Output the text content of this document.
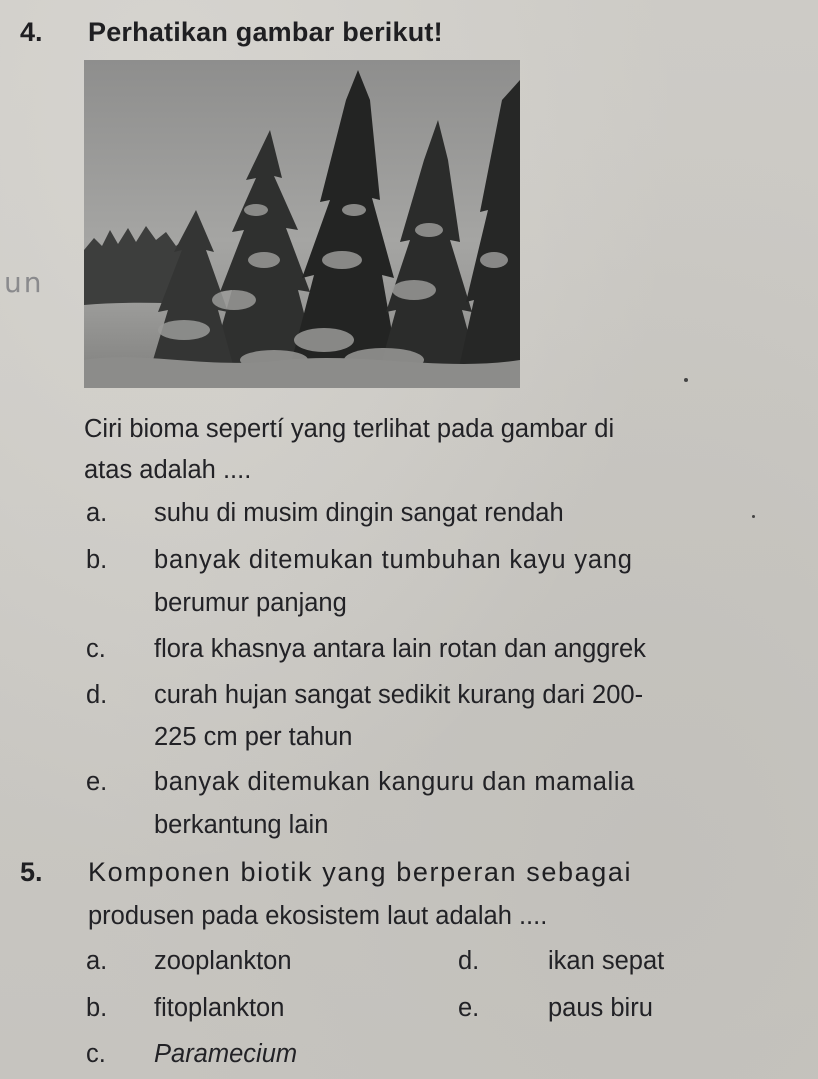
un
4. Perhatikan gambar berikut!
Ciri bioma sepertí yang terlihat pada gambar di
atas adalah ....
a. suhu di musim dingin sangat rendah
b. banyak ditemukan tumbuhan kayu yang
berumur panjang
c. flora khasnya antara lain rotan dan anggrek
d. curah hujan sangat sedikit kurang dari 200-
225 cm per tahun
e. banyak ditemukan kanguru dan mamalia
berkantung lain
5. Komponen biotik yang berperan sebagai
produsen pada ekosistem laut adalah ....
a. zooplankton	d.	ikan sepat
b. fitoplankton	e.	paus biru
c. Paramecium
